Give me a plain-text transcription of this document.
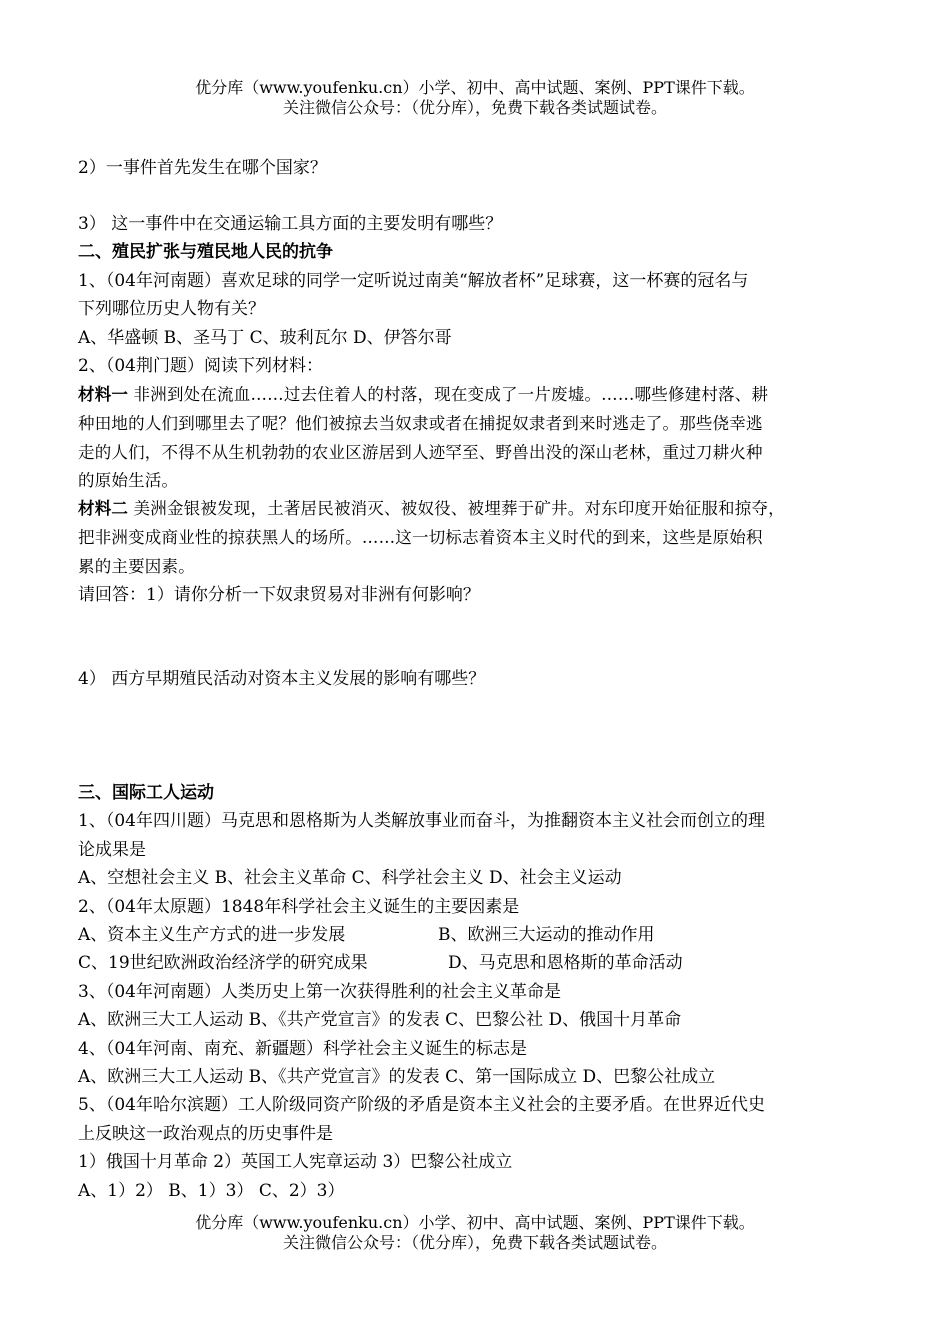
优分库（www.youfenku.cn）小学、初中、高中试题、案例、PPT课件下载。
关注微信公众号：（优分库），免费下载各类试题试卷。
2）一事件首先发生在哪个国家？
3） 这一事件中在交通运输工具方面的主要发明有哪些？
二、殖民扩张与殖民地人民的抗争
1、（04年河南题）喜欢足球的同学一定听说过南美“解放者杯”足球赛，这一杯赛的冠名与
下列哪位历史人物有关？
A、华盛顿 B、圣马丁 C、玻利瓦尔 D、伊答尔哥
2、（04荆门题）阅读下列材料：
材料一 非洲到处在流血……过去住着人的村落，现在变成了一片废墟。……哪些修建村落、耕
种田地的人们到哪里去了呢？他们被掠去当奴隶或者在捕捉奴隶者到来时逃走了。那些侥幸逃
走的人们，不得不从生机勃勃的农业区游居到人迹罕至、野兽出没的深山老林，重过刀耕火种
的原始生活。
材料二 美洲金银被发现，土著居民被消灭、被奴役、被埋葬于矿井。对东印度开始征服和掠夺，
把非洲变成商业性的掠获黑人的场所。……这一切标志着资本主义时代的到来，这些是原始积
累的主要因素。
请回答：1）请你分析一下奴隶贸易对非洲有何影响？
4） 西方早期殖民活动对资本主义发展的影响有哪些？
三、国际工人运动
1、（04年四川题）马克思和恩格斯为人类解放事业而奋斗，为推翻资本主义社会而创立的理
论成果是
A、空想社会主义 B、社会主义革命 C、科学社会主义 D、社会主义运动
2、（04年太原题）1848年科学社会主义诞生的主要因素是
A、资本主义生产方式的进一步发展	B、欧洲三大运动的推动作用
C、19世纪欧洲政治经济学的研究成果	D、马克思和恩格斯的革命活动
3、（04年河南题）人类历史上第一次获得胜利的社会主义革命是
A、欧洲三大工人运动 B、《共产党宣言》的发表 C、巴黎公社 D、俄国十月革命
4、（04年河南、南充、新疆题）科学社会主义诞生的标志是
A、欧洲三大工人运动 B、《共产党宣言》的发表 C、第一国际成立 D、巴黎公社成立
5、（04年哈尔滨题）工人阶级同资产阶级的矛盾是资本主义社会的主要矛盾。在世界近代史
上反映这一政治观点的历史事件是
1）俄国十月革命 2）英国工人宪章运动 3）巴黎公社成立
A、1）2） B、1）3） C、2）3）
优分库（www.youfenku.cn）小学、初中、高中试题、案例、PPT课件下载。
关注微信公众号：（优分库），免费下载各类试题试卷。
